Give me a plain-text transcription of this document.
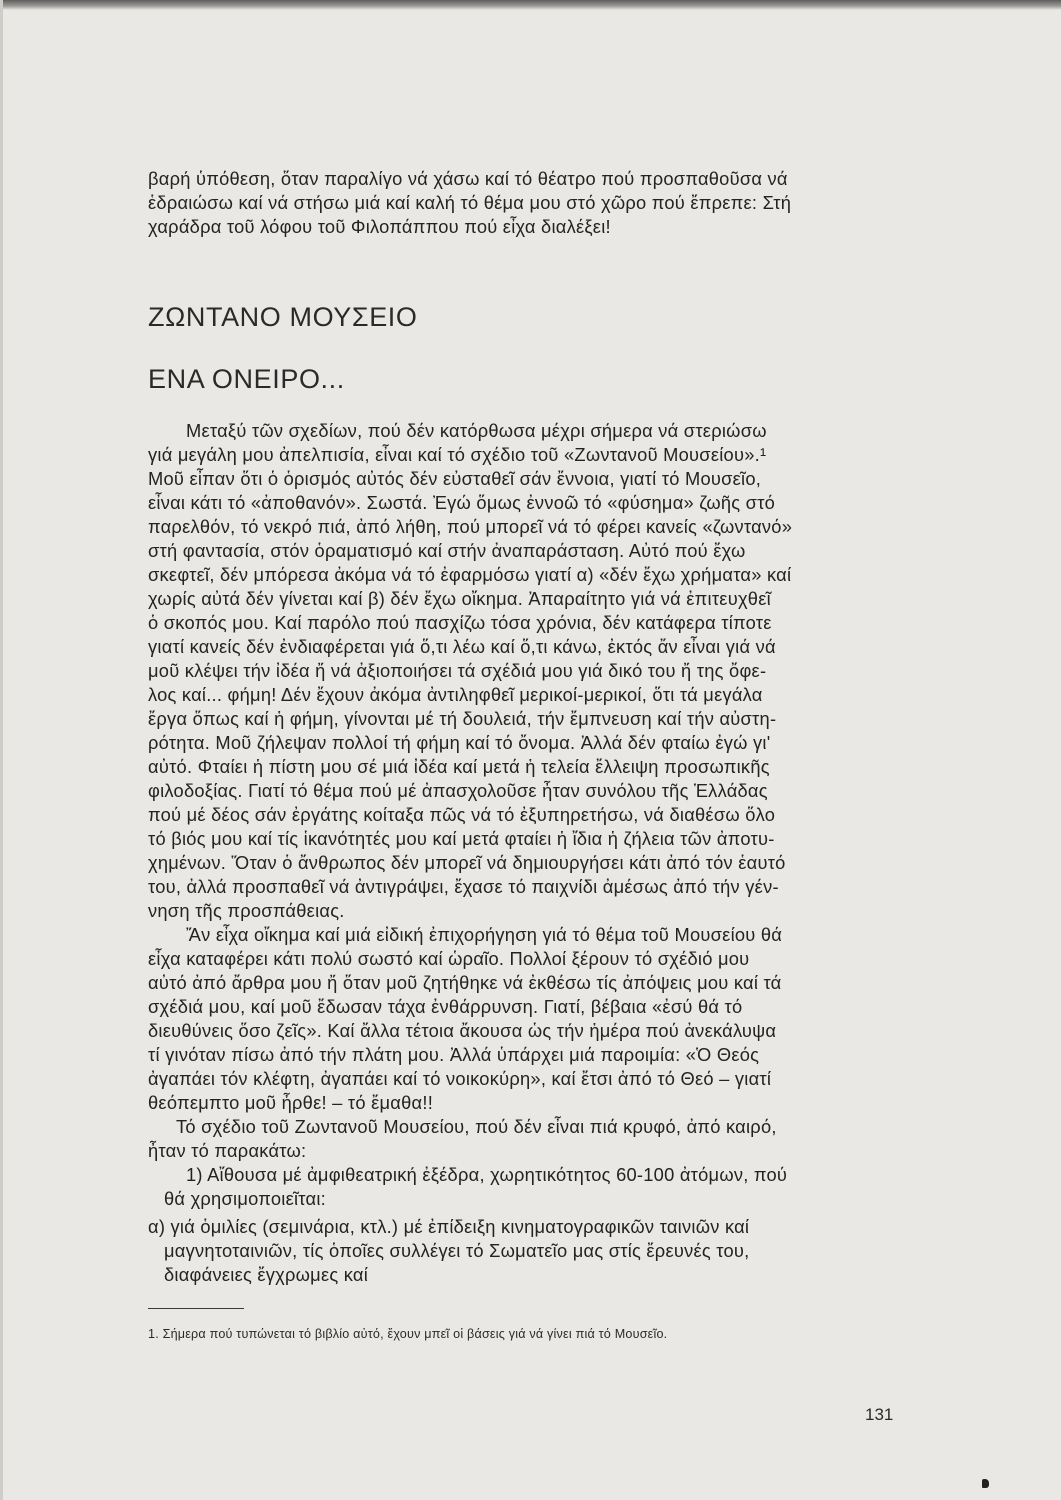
βαρή ὑπόθεση, ὅταν παραλίγο νά χάσω καί τό θέατρο πού προσπαθοῦσα νά
ἑδραιώσω καί νά στήσω μιά καί καλή τό θέμα μου στό χῶρο πού ἔπρεπε: Στή
χαράδρα τοῦ λόφου τοῦ Φιλοπάππου πού εἶχα διαλέξει!
ΖΩΝΤΑΝΟ ΜΟΥΣΕΙΟ
ΕΝΑ ΟΝΕΙΡΟ...
Μεταξύ τῶν σχεδίων, πού δέν κατόρθωσα μέχρι σήμερα νά στεριώσω
γιά μεγάλη μου ἀπελπισία, εἶναι καί τό σχέδιο τοῦ «Ζωντανοῦ Μουσείου».¹
Μοῦ εἶπαν ὅτι ὁ ὁρισμός αὐτός δέν εὐσταθεῖ σάν ἔννοια, γιατί τό Μουσεῖο,
εἶναι κάτι τό «ἀποθανόν». Σωστά. Ἐγώ ὅμως ἐννοῶ τό «φύσημα» ζωῆς στό
παρελθόν, τό νεκρό πιά, ἀπό λήθη, πού μπορεῖ νά τό φέρει κανείς «ζωντανό»
στή φαντασία, στόν ὁραματισμό καί στήν ἀναπαράσταση. Αὐτό πού ἔχω
σκεφτεῖ, δέν μπόρεσα ἀκόμα νά τό ἐφαρμόσω γιατί α) «δέν ἔχω χρήματα» καί
χωρίς αὐτά δέν γίνεται καί β) δέν ἔχω οἴκημα. Ἀπαραίτητο γιά νά ἐπιτευχθεῖ
ὁ σκοπός μου. Καί παρόλο πού πασχίζω τόσα χρόνια, δέν κατάφερα τίποτε
γιατί κανείς δέν ἐνδιαφέρεται γιά ὅ,τι λέω καί ὅ,τι κάνω, ἐκτός ἄν εἶναι γιά νά
μοῦ κλέψει τήν ἰδέα ἤ νά ἀξιοποιήσει τά σχέδιά μου γιά δικό του ἤ της ὄφε-
λος καί... φήμη! Δέν ἔχουν ἀκόμα ἀντιληφθεῖ μερικοί-μερικοί, ὅτι τά μεγάλα
ἔργα ὅπως καί ἡ φήμη, γίνονται μέ τή δουλειά, τήν ἔμπνευση καί τήν αὐστη-
ρότητα. Μοῦ ζήλεψαν πολλοί τή φήμη καί τό ὄνομα. Ἀλλά δέν φταίω ἐγώ γι'
αὐτό. Φταίει ἡ πίστη μου σέ μιά ἰδέα καί μετά ἡ τελεία ἔλλειψη προσωπικῆς
φιλοδοξίας. Γιατί τό θέμα πού μέ ἀπασχολοῦσε ἦταν συνόλου τῆς Ἑλλάδας
πού μέ δέος σάν ἐργάτης κοίταξα πῶς νά τό ἐξυπηρετήσω, νά διαθέσω ὅλο
τό βιός μου καί τίς ἱκανότητές μου καί μετά φταίει ἡ ἴδια ἡ ζήλεια τῶν ἀποτυ-
χημένων. Ὅταν ὁ ἄνθρωπος δέν μπορεῖ νά δημιουργήσει κάτι ἀπό τόν ἑαυτό
του, ἀλλά προσπαθεῖ νά ἀντιγράψει, ἔχασε τό παιχνίδι ἀμέσως ἀπό τήν γέν-
νηση τῆς προσπάθειας.
Ἄν εἶχα οἴκημα καί μιά εἰδική ἐπιχορήγηση γιά τό θέμα τοῦ Μουσείου θά
εἶχα καταφέρει κάτι πολύ σωστό καί ὡραῖο. Πολλοί ξέρουν τό σχέδιό μου
αὐτό ἀπό ἄρθρα μου ἤ ὅταν μοῦ ζητήθηκε νά ἐκθέσω τίς ἀπόψεις μου καί τά
σχέδιά μου, καί μοῦ ἔδωσαν τάχα ἐνθάρρυνση. Γιατί, βέβαια «ἐσύ θά τό
διευθύνεις ὅσο ζεῖς». Καί ἄλλα τέτοια ἄκουσα ὡς τήν ἡμέρα πού ἀνεκάλυψα
τί γινόταν πίσω ἀπό τήν πλάτη μου. Ἀλλά ὑπάρχει μιά παροιμία: «Ὁ Θεός
ἀγαπάει τόν κλέφτη, ἀγαπάει καί τό νοικοκύρη», καί ἔτσι ἀπό τό Θεό – γιατί
θεόπεμπτο μοῦ ἦρθε! – τό ἔμαθα!!
Τό σχέδιο τοῦ Ζωντανοῦ Μουσείου, πού δέν εἶναι πιά κρυφό, ἀπό καιρό,
ἦταν τό παρακάτω:
1) Αἴθουσα μέ ἀμφιθεατρική ἐξέδρα, χωρητικότητος 60-100 ἀτόμων, πού
θά χρησιμοποιεῖται:
α) γιά ὁμιλίες (σεμινάρια, κτλ.) μέ ἐπίδειξη κινηματογραφικῶν ταινιῶν καί
μαγνητοταινιῶν, τίς ὁποῖες συλλέγει τό Σωματεῖο μας στίς ἔρευνές του,
διαφάνειες ἔγχρωμες καί
1. Σήμερα πού τυπώνεται τό βιβλίο αὐτό, ἔχουν μπεῖ οἱ βάσεις γιά νά γίνει πιά τό Μουσεῖο.
131
